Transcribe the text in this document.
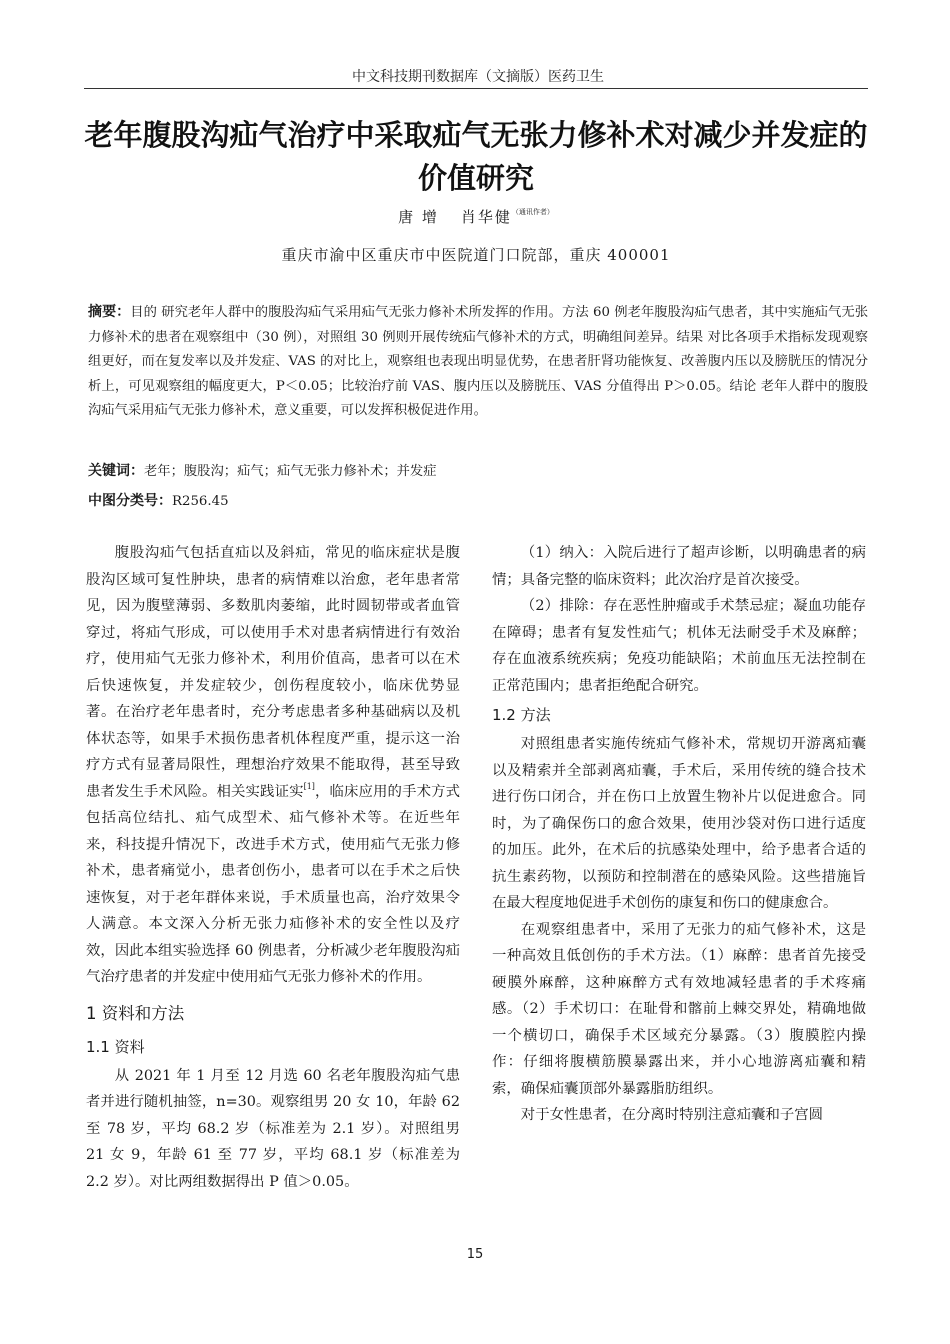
中文科技期刊数据库（文摘版）医药卫生
老年腹股沟疝气治疗中采取疝气无张力修补术对减少并发症的价值研究
唐 增 肖华健$^{(通讯作者)}$
重庆市渝中区重庆市中医院道门口院部，重庆 400001

摘要：目的 研究老年人群中的腹股沟疝气采用疝气无张力修补术所发挥的作用。方法 60 例老年腹股沟疝气患者，其中实施疝气无张力修补术的患者在观察组中（30 例），对照组 30 例则开展传统疝气修补术的方式，明确组间差异。结果 对比各项手术指标发现观察组更好，而在复发率以及并发症、VAS 的对比上，观察组也表现出明显优势，在患者肝肾功能恢复、改善腹内压以及膀胱压的情况分析上，可见观察组的幅度更大，P＜0.05；比较治疗前 VAS、腹内压以及膀胱压、VAS 分值得出 P＞0.05。结论 老年人群中的腹股沟疝气采用疝气无张力修补术，意义重要，可以发挥积极促进作用。

关键词：老年；腹股沟；疝气；疝气无张力修补术；并发症
中图分类号：R256.45

腹股沟疝气包括直疝以及斜疝，常见的临床症状是腹股沟区域可复性肿块，患者的病情难以治愈，老年患者常见，因为腹壁薄弱、多数肌肉萎缩，此时圆韧带或者血管穿过，将疝气形成，可以使用手术对患者病情进行有效治疗，使用疝气无张力修补术，利用价值高，患者可以在术后快速恢复，并发症较少，创伤程度较小，临床优势显著。在治疗老年患者时，充分考虑患者多种基础病以及机体状态等，如果手术损伤患者机体程度严重，提示这一治疗方式有显著局限性，理想治疗效果不能取得，甚至导致患者发生手术风险。相关实践证实[1]，临床应用的手术方式包括高位结扎、疝气成型术、疝气修补术等。在近些年来，科技提升情况下，改进手术方式，使用疝气无张力修补术，患者痛觉小，患者创伤小，患者可以在手术之后快速恢复，对于老年群体来说，手术质量也高，治疗效果令人满意。本文深入分析无张力疝修补术的安全性以及疗效，因此本组实验选择 60 例患者，分析减少老年腹股沟疝气治疗患者的并发症中使用疝气无张力修补术的作用。

1 资料和方法
1.1 资料

从 2021 年 1 月至 12 月选 60 名老年腹股沟疝气患者并进行随机抽签，n=30。观察组男 20 女 10，年龄 62 至 78 岁，平均 68.2 岁（标准差为 2.1 岁）。对照组男 21 女 9，年龄 61 至 77 岁，平均 68.1 岁（标准差为 2.2 岁）。对比两组数据得出 P 值＞0.05。

（1）纳入：入院后进行了超声诊断，以明确患者的病情；具备完整的临床资料；此次治疗是首次接受。

（2）排除：存在恶性肿瘤或手术禁忌症；凝血功能存在障碍；患者有复发性疝气；机体无法耐受手术及麻醉；存在血液系统疾病；免疫功能缺陷；术前血压无法控制在正常范围内；患者拒绝配合研究。

1.2 方法

对照组患者实施传统疝气修补术，常规切开游离疝囊以及精索并全部剥离疝囊，手术后，采用传统的缝合技术进行伤口闭合，并在伤口上放置生物补片以促进愈合。同时，为了确保伤口的愈合效果，使用沙袋对伤口进行适度的加压。此外，在术后的抗感染处理中，给予患者合适的抗生素药物，以预防和控制潜在的感染风险。这些措施旨在最大程度地促进手术创伤的康复和伤口的健康愈合。

在观察组患者中，采用了无张力的疝气修补术，这是一种高效且低创伤的手术方法。（1）麻醉：患者首先接受硬膜外麻醉，这种麻醉方式有效地减轻患者的手术疼痛感。（2）手术切口：在耻骨和髂前上棘交界处，精确地做一个横切口，确保手术区域充分暴露。（3）腹膜腔内操作：仔细将腹横筋膜暴露出来，并小心地游离疝囊和精索，确保疝囊顶部外暴露脂肪组织。

对于女性患者，在分离时特别注意疝囊和子宫圆

15
